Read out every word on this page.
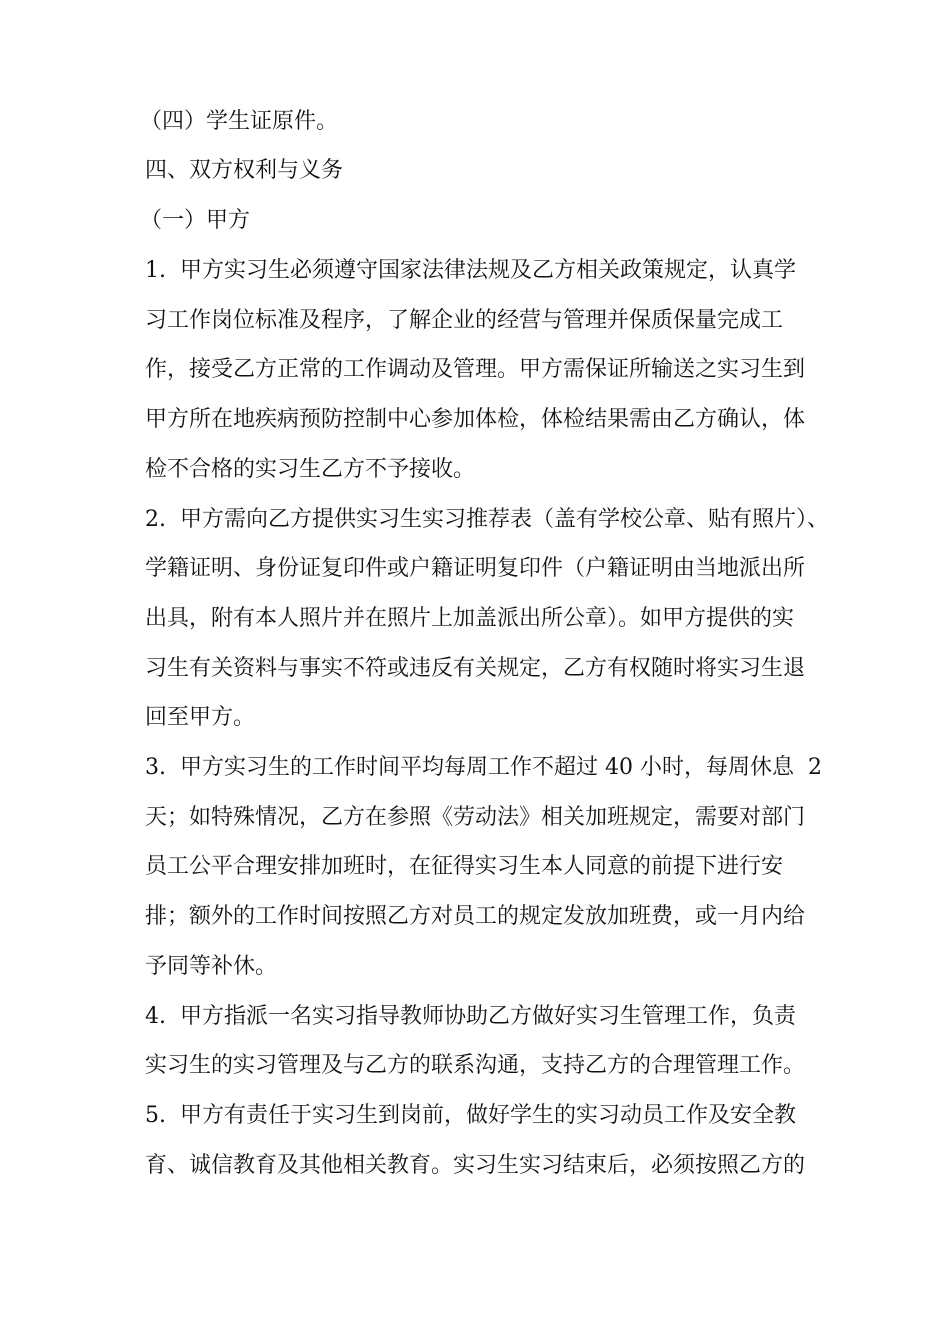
（四）学生证原件。
四、双方权利与义务
（一）甲方
1.  甲方实习生必须遵守国家法律法规及乙方相关政策规定，认真学
习工作岗位标准及程序，了解企业的经营与管理并保质保量完成工
作，接受乙方正常的工作调动及管理。甲方需保证所输送之实习生到
甲方所在地疾病预防控制中心参加体检，体检结果需由乙方确认，体
检不合格的实习生乙方不予接收。
2.  甲方需向乙方提供实习生实习推荐表（盖有学校公章、贴有照片）、
学籍证明、身份证复印件或户籍证明复印件（户籍证明由当地派出所
出具，附有本人照片并在照片上加盖派出所公章）。如甲方提供的实
习生有关资料与事实不符或违反有关规定，乙方有权随时将实习生退
回至甲方。
3.  甲方实习生的工作时间平均每周工作不超过 40 小时，每周休息  2
天；如特殊情况，乙方在参照《劳动法》相关加班规定，需要对部门
员工公平合理安排加班时，在征得实习生本人同意的前提下进行安
排；额外的工作时间按照乙方对员工的规定发放加班费，或一月内给
予同等补休。
4.  甲方指派一名实习指导教师协助乙方做好实习生管理工作，负责
实习生的实习管理及与乙方的联系沟通，支持乙方的合理管理工作。
5.  甲方有责任于实习生到岗前，做好学生的实习动员工作及安全教
育、诚信教育及其他相关教育。实习生实习结束后，必须按照乙方的
